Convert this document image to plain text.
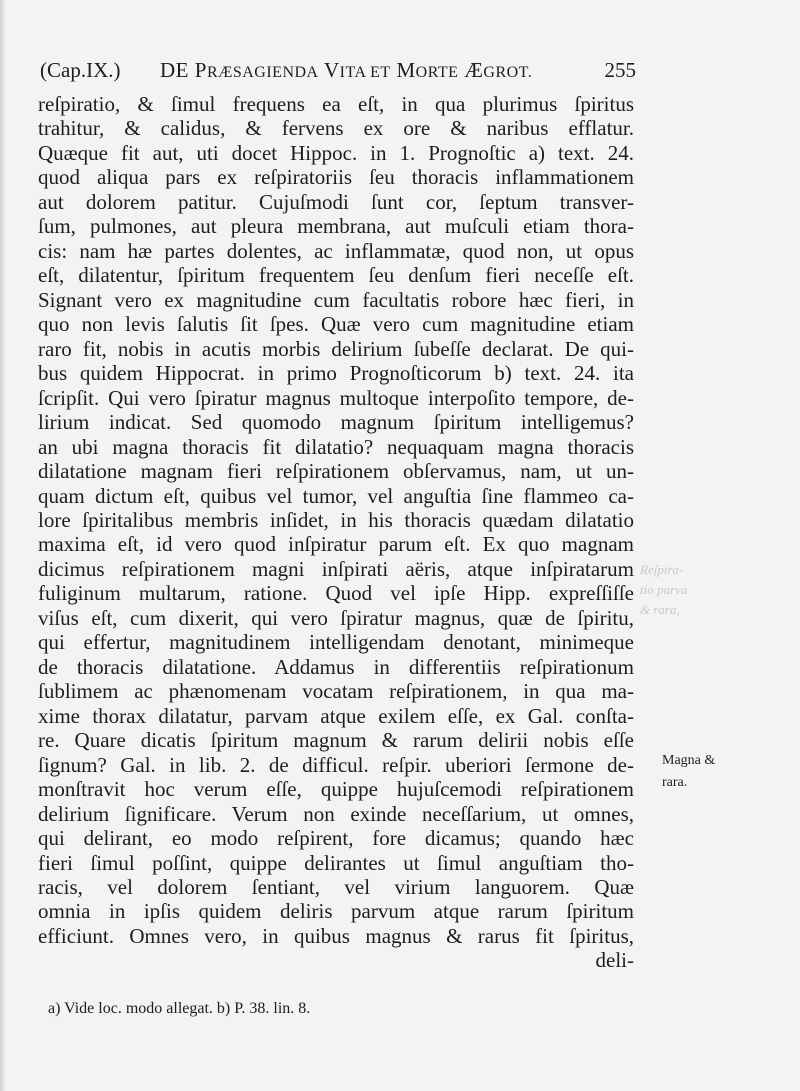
(Cap.IX.) DE PRÆSAGIENDA VITA ET MORTE ÆGROT.	255
Reſpira-
tio parva
& rara,
reſpiratio, & ſimul frequens ea eſt, in qua plurimus ſpiritus
trahitur, & calidus, & fervens ex ore & naribus efflatur.
Quæque fit aut, uti docet Hippoc. in 1. Prognoſtic a) text. 24.
quod aliqua pars ex reſpiratoriis ſeu thoracis inflammationem
aut dolorem patitur. Cujuſmodi ſunt cor, ſeptum transver-
ſum, pulmones, aut pleura membrana, aut muſculi etiam thora-
cis: nam hæ partes dolentes, ac inflammatæ, quod non, ut opus
eſt, dilatentur, ſpiritum frequentem ſeu denſum fieri neceſſe eſt.
Signant vero ex magnitudine cum facultatis robore hæc fieri, in
quo non levis ſalutis ſit ſpes. Quæ vero cum magnitudine etiam
raro fit, nobis in acutis morbis delirium ſubeſſe declarat. De qui-
bus quidem Hippocrat. in primo Prognoſticorum b) text. 24. ita
ſcripſit. Qui vero ſpiratur magnus multoque interpoſito tempore, de-
lirium indicat. Sed quomodo magnum ſpiritum intelligemus?
an ubi magna thoracis fit dilatatio? nequaquam magna thoracis
dilatatione magnam fieri reſpirationem obſervamus, nam, ut un-
quam dictum eſt, quibus vel tumor, vel anguſtia ſine flammeo ca-
lore ſpiritalibus membris inſidet, in his thoracis quædam dilatatio
maxima eſt, id vero quod inſpiratur parum eſt. Ex quo magnam
dicimus reſpirationem magni inſpirati aëris, atque inſpiratarum
fuliginum multarum, ratione. Quod vel ipſe Hipp. expreſſiſſe
viſus eſt, cum dixerit, qui vero ſpiratur magnus, quæ de ſpiritu,
qui effertur, magnitudinem intelligendam denotant, minimeque
de thoracis dilatatione. Addamus in differentiis reſpirationum
ſublimem ac phænomenam vocatam reſpirationem, in qua ma-
xime thorax dilatatur, parvam atque exilem eſſe, ex Gal. conſta-
re. Quare dicatis ſpiritum magnum & rarum delirii nobis eſſe
ſignum? Gal. in lib. 2. de difficul. reſpir. uberiori ſermone de-
monſtravit hoc verum eſſe, quippe hujuſcemodi reſpirationem
delirium ſignificare. Verum non exinde neceſſarium, ut omnes,
qui delirant, eo modo reſpirent, fore dicamus; quando hæc
fieri ſimul poſſint, quippe delirantes ut ſimul anguſtiam tho-
racis, vel dolorem ſentiant, vel virium languorem. Quæ
omnia in ipſis quidem deliris parvum atque rarum ſpiritum
efficiunt. Omnes vero, in quibus magnus & rarus fit ſpiritus,
deli-
Magna &
rara.
a) Vide loc. modo allegat. b) P. 38. lin. 8.
